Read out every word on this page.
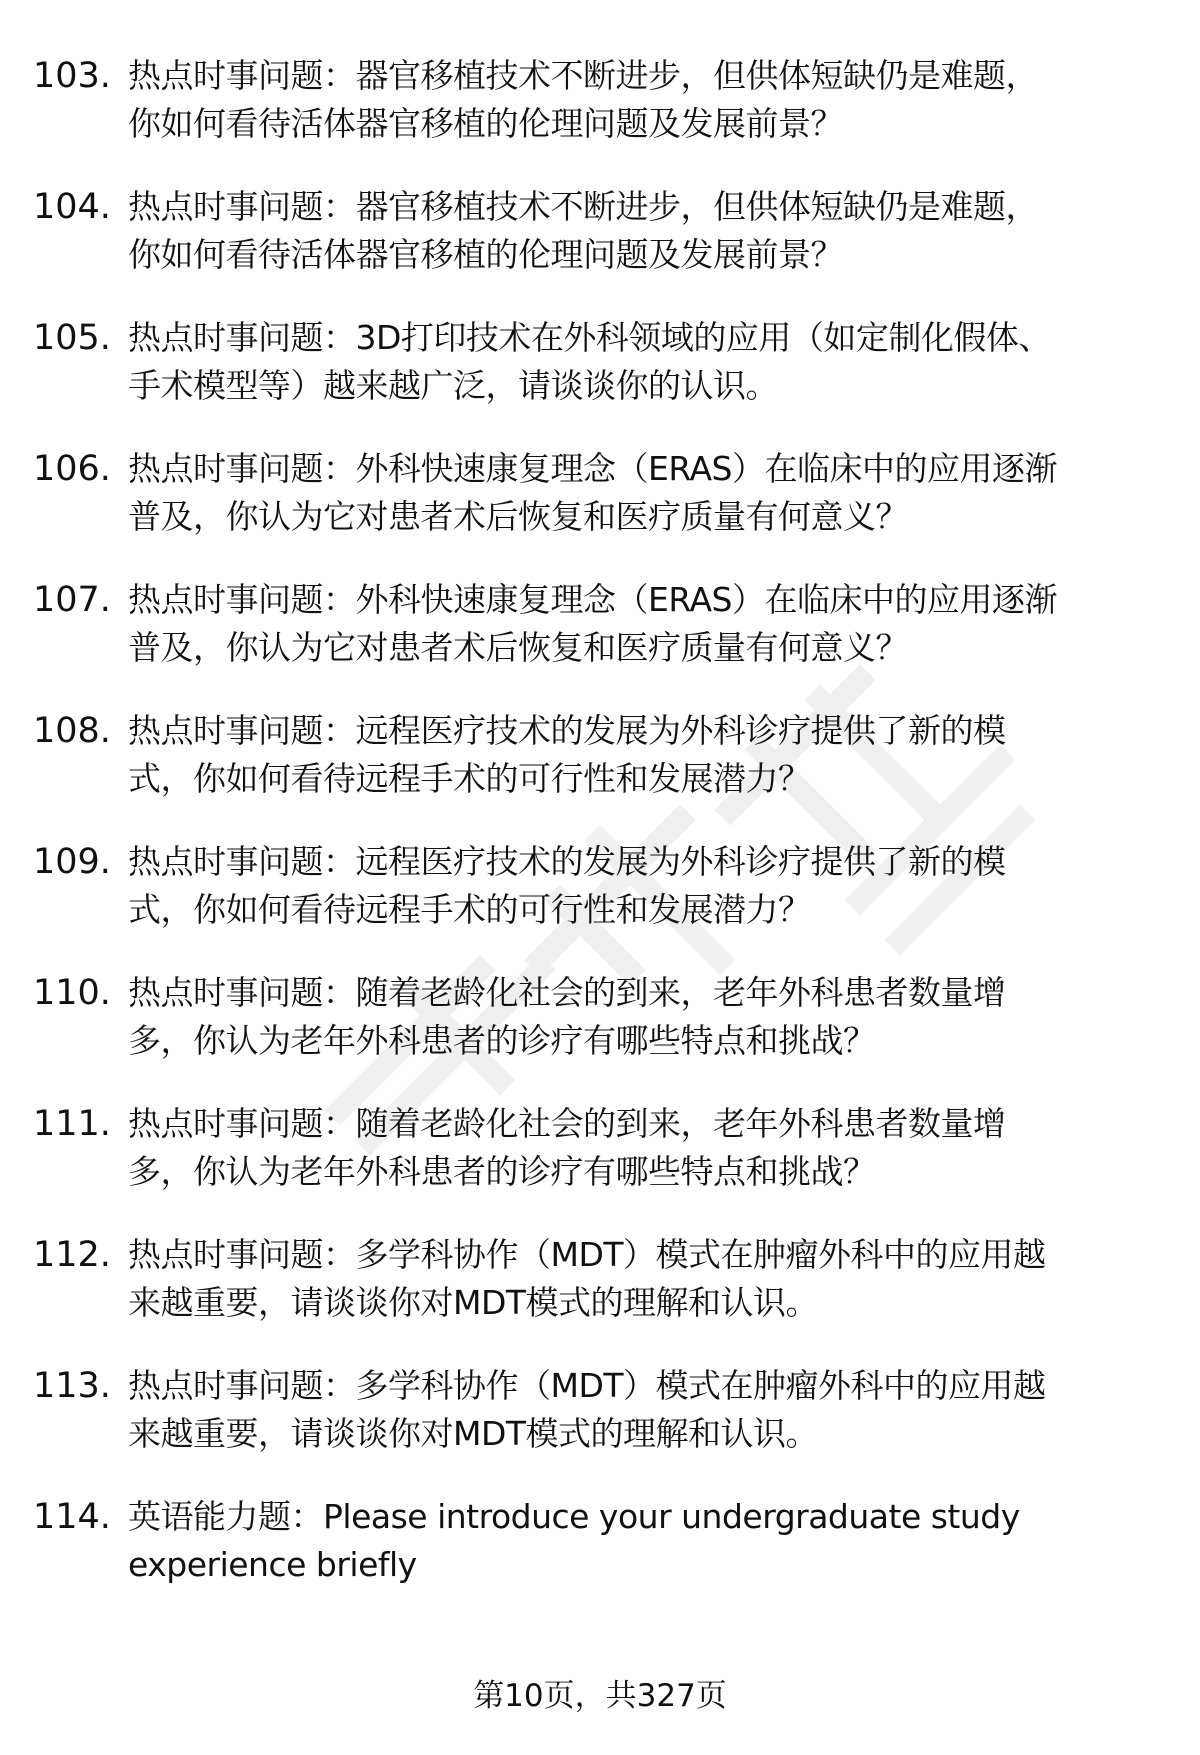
103. 热点时事问题：器官移植技术不断进步，但供体短缺仍是难题，
你如何看待活体器官移植的伦理问题及发展前景？
104. 热点时事问题：器官移植技术不断进步，但供体短缺仍是难题，
你如何看待活体器官移植的伦理问题及发展前景？
105. 热点时事问题：3D打印技术在外科领域的应用（如定制化假体、
手术模型等）越来越广泛，请谈谈你的认识。
106. 热点时事问题：外科快速康复理念（ERAS）在临床中的应用逐渐
普及，你认为它对患者术后恢复和医疗质量有何意义？
107. 热点时事问题：外科快速康复理念（ERAS）在临床中的应用逐渐
普及，你认为它对患者术后恢复和医疗质量有何意义？
108. 热点时事问题：远程医疗技术的发展为外科诊疗提供了新的模
式，你如何看待远程手术的可行性和发展潜力？
109. 热点时事问题：远程医疗技术的发展为外科诊疗提供了新的模
式，你如何看待远程手术的可行性和发展潜力？
110. 热点时事问题：随着老龄化社会的到来，老年外科患者数量增
多，你认为老年外科患者的诊疗有哪些特点和挑战？
111. 热点时事问题：随着老龄化社会的到来，老年外科患者数量增
多，你认为老年外科患者的诊疗有哪些特点和挑战？
112. 热点时事问题：多学科协作（MDT）模式在肿瘤外科中的应用越
来越重要，请谈谈你对MDT模式的理解和认识。
113. 热点时事问题：多学科协作（MDT）模式在肿瘤外科中的应用越
来越重要，请谈谈你对MDT模式的理解和认识。
114. 英语能力题：Please introduce your undergraduate study
experience briefly
第10页，共327页
